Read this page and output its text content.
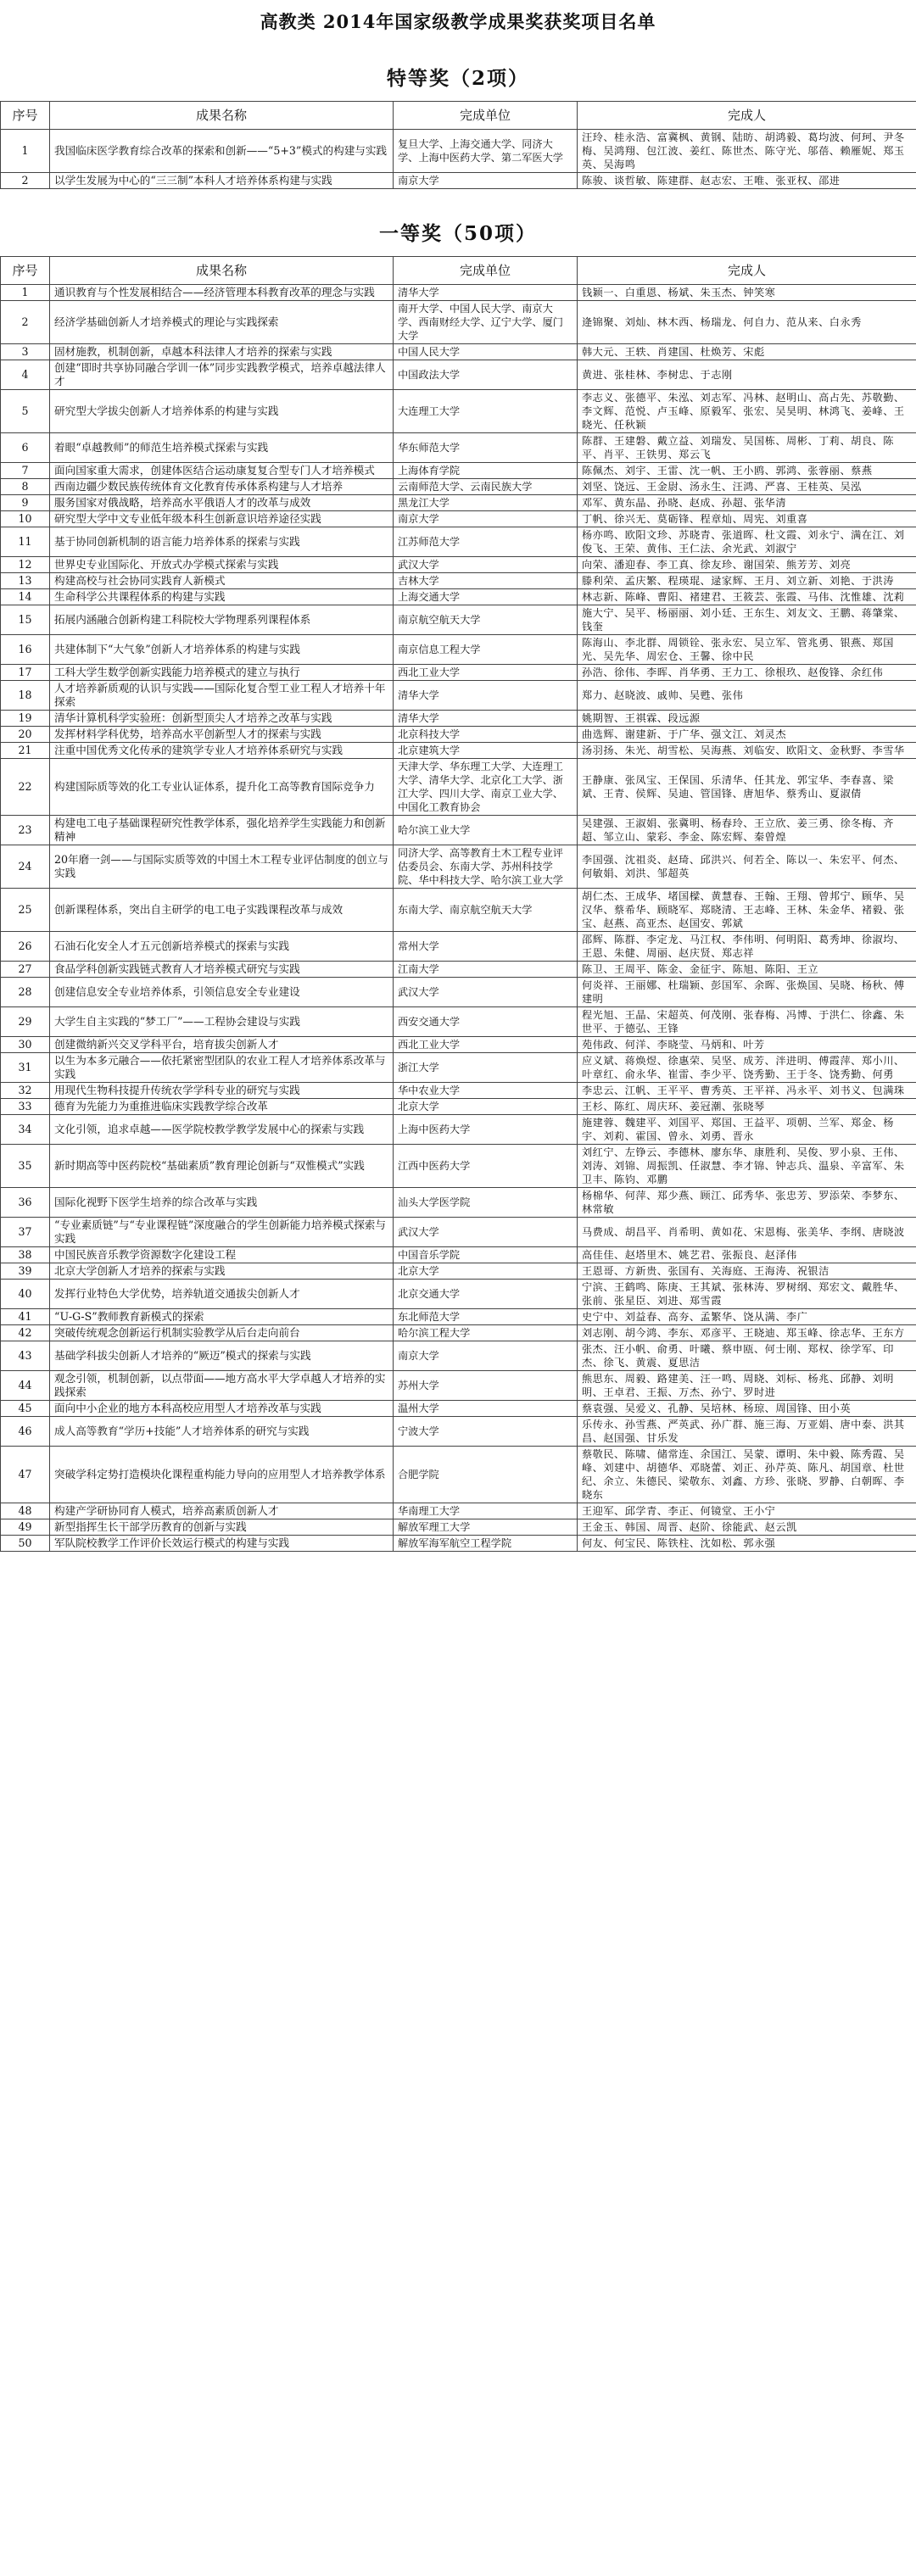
高教类 2014年国家级教学成果奖获奖项目名单
特等奖（2项）
序号	成果名称	完成单位	完成人
1	我国临床医学教育综合改革的探索和创新——“5+3”模式的构建与实践	复旦大学、上海交通大学、同济大学、上海中医药大学、第二军医大学	汪玲、桂永浩、富冀枫、黄钢、陆昉、胡鸿毅、葛均波、何珂、尹冬梅、吴鸿翔、包江波、姜红、陈世杰、陈守光、邬蓓、赖雁妮、郑玉英、吴海鸣
2	以学生发展为中心的“三三制”本科人才培养体系构建与实践	南京大学	陈骏、谈哲敏、陈建群、赵志宏、王唯、张亚权、邵进
一等奖（50项）
序号	成果名称	完成单位	完成人
1	通识教育与个性发展相结合——经济管理本科教育改革的理念与实践	清华大学	钱颖一、白重恩、杨斌、朱玉杰、钟笑寒
2	经济学基础创新人才培养模式的理论与实践探索	南开大学、中国人民大学、南京大学、西南财经大学、辽宁大学、厦门大学	逄锦聚、刘灿、林木西、杨瑞龙、何自力、范从来、白永秀
3	固材施教，机制创新，卓越本科法律人才培养的探索与实践	中国人民大学	韩大元、王轶、肖建国、杜焕芳、宋彪
4	创建“即时共享协同融合学训一体”同步实践教学模式，培养卓越法律人才	中国政法大学	黄进、张桂林、李树忠、于志刚
5	研究型大学拔尖创新人才培养体系的构建与实践	大连理工大学	李志义、张德平、朱泓、刘志军、冯林、赵明山、高占先、苏敬勤、李文辉、范悦、卢玉峰、原毅军、张宏、吴昊明、林鸿飞、姜峰、王晓光、任秋颖
6	着眼“卓越教师”的师范生培养模式探索与实践	华东师范大学	陈群、王建磐、戴立益、刘瑞发、吴国栋、周彬、丁莉、胡良、陈平、肖平、王铁男、郑云飞
7	面向国家重大需求，创建体医结合运动康复复合型专门人才培养模式	上海体育学院	陈佩杰、刘宇、王雷、沈一帆、王小鸥、郭鸿、张蓉丽、蔡燕
8	西南边疆少数民族传统体育文化教育传承体系构建与人才培养	云南师范大学、云南民族大学	刘坚、饶远、王金尉、汤永生、汪鸿、严喜、王桂英、吴泓
9	服务国家对俄战略，培养高水平俄语人才的改革与成效	黑龙江大学	邓军、黄东晶、孙晓、赵成、孙超、张华清
10	研究型大学中文专业低年级本科生创新意识培养途径实践	南京大学	丁帆、徐兴无、莫砺锋、程章灿、周宪、刘重喜
11	基于协同创新机制的语言能力培养体系的探索与实践	江苏师范大学	杨亦鸣、欧阳文珍、苏晓青、张道晖、杜文霞、刘永宁、满在江、刘俊飞、王荣、黄伟、王仁法、余光武、刘淑宁
12	世界史专业国际化、开放式办学模式探索与实践	武汉大学	向荣、潘迎春、李工真、徐友珍、谢国荣、熊芳芳、刘亮
13	构建高校与社会协同实践育人新模式	吉林大学	滕利荣、孟庆繁、程瑛琨、逯家辉、王月、刘立新、刘艳、于洪涛
14	生命科学公共课程体系的构建与实践	上海交通大学	林志新、陈峰、曹阳、褚建君、王筱芸、张霞、马伟、沈惟雄、沈莉
15	拓展内涵融合创新构建工科院校大学物理系列课程体系	南京航空航天大学	施大宁、吴平、杨丽丽、刘小廷、王东生、刘友文、王鹏、蒋肇棠、钱奎
16	共建体制下“大气象”创新人才培养体系的构建与实践	南京信息工程大学	陈海山、李北群、周锁铨、张永宏、吴立军、管兆勇、银燕、郑国光、吴先华、周宏仓、王馨、徐中民
17	工科大学生数学创新实践能力培养模式的建立与执行	西北工业大学	孙浩、徐伟、李晖、肖华勇、王力工、徐根玖、赵俊锋、余红伟
18	人才培养新质观的认识与实践——国际化复合型工业工程人才培养十年探索	清华大学	郑力、赵晓波、戚帅、吴甦、张伟
19	清华计算机科学实验班：创新型顶尖人才培养之改革与实践	清华大学	姚期智、王祺霖、段远源
20	发挥材料学科优势，培养高水平创新型人才的探索与实践	北京科技大学	曲选辉、谢建新、于广华、强文江、刘灵杰
21	注重中国优秀文化传承的建筑学专业人才培养体系研究与实践	北京建筑大学	汤羽扬、朱光、胡雪松、吴海燕、刘临安、欧阳文、金秋野、李雪华
22	构建国际质等效的化工专业认证体系，提升化工高等教育国际竞争力	天津大学、华东理工大学、大连理工大学、清华大学、北京化工大学、浙江大学、四川大学、南京工业大学、中国化工教育协会	王静康、张凤宝、王保国、乐清华、任其龙、郭宝华、李春喜、梁斌、王青、侯辉、吴迪、管国锋、唐旭华、蔡秀山、夏淑倩
23	构建电工电子基础课程研究性教学体系，强化培养学生实践能力和创新精神	哈尔滨工业大学	吴建强、王淑娟、张冀明、杨春玲、王立欣、姜三勇、徐冬梅、齐超、邹立山、蒙彩、李金、陈宏辉、秦曾煌
24	20年磨一剑——与国际实质等效的中国土木工程专业评估制度的创立与实践	同济大学、高等教育土木工程专业评估委员会、东南大学、苏州科技学院、华中科技大学、哈尔滨工业大学	李国强、沈祖炎、赵琦、邱洪兴、何若全、陈以一、朱宏平、何杰、何敏娟、刘洪、邹超英
25	创新课程体系，突出自主研学的电工电子实践课程改革与成效	东南大学、南京航空航天大学	胡仁杰、王成华、堵国樑、黄慧春、王翰、王翔、曾邦宁、顾华、吴汉华、蔡希华、顾晓军、郑晓清、王志峰、王林、朱金华、褚毅、张宝、赵燕、高亚杰、赵国安、郭斌
26	石油石化安全人才五元创新培养模式的探索与实践	常州大学	邵辉、陈群、李定龙、马江权、李伟明、何明阳、葛秀坤、徐淑均、王恩、朱健、周丽、赵庆贤、郑志祥
27	食品学科创新实践链式教育人才培养模式研究与实践	江南大学	陈卫、王周平、陈金、金征宇、陈旭、陈阳、王立
28	创建信息安全专业培养体系，引领信息安全专业建设	武汉大学	何炎祥、王丽娜、杜瑞颖、彭国军、余晖、张焕国、吴晓、杨秋、傅建明
29	大学生自主实践的“梦工厂”——工程协会建设与实践	西安交通大学	程光旭、王晶、宋超英、何茂刚、张春梅、冯博、于洪仁、徐鑫、朱世平、于德弘、王锋
30	创建微纳新兴交叉学科平台，培育拔尖创新人才	西北工业大学	苑伟政、何洋、李晓莹、马炳和、叶芳
31	以生为本多元融合——依托紧密型团队的农业工程人才培养体系改革与实践	浙江大学	应义斌、蒋焕煜、徐惠荣、吴坚、成芳、泮进明、傅霞萍、郑小川、叶章红、俞永华、崔雷、李少平、饶秀勤、王于冬、饶秀勤、何勇
32	用现代生物科技提升传统农学学科专业的研究与实践	华中农业大学	李忠云、江帆、王平平、曹秀英、王平祥、冯永平、刘书义、包满珠
33	德育为先能力为重推进临床实践教学综合改革	北京大学	王杉、陈红、周庆环、姜冠潮、张晓琴
34	文化引领，追求卓越——医学院校教学教学发展中心的探索与实践	上海中医药大学	施建蓉、魏建平、刘国平、郑国、王益平、项朝、兰军、郑金、杨宇、刘莉、霍国、曾永、刘勇、晋永
35	新时期高等中医药院校“基础素质”教育理论创新与“双惟模式”实践	江西中医药大学	刘红宁、左铮云、李德林、廖东华、康胜利、吴俊、罗小泉、王伟、刘涛、刘锦、周振凯、任淑慧、李才锦、钟志兵、温泉、辛富军、朱卫丰、陈钧、邓鹏
36	国际化视野下医学生培养的综合改革与实践	汕头大学医学院	杨棉华、何萍、郑少燕、顾江、邱秀华、张忠芳、罗添荣、李梦东、林常敏
37	“专业素质链”与“专业课程链”深度融合的学生创新能力培养模式探索与实践	武汉大学	马费成、胡昌平、肖希明、黄如花、宋恩梅、张美华、李纲、唐晓波
38	中国民族音乐教学资源数字化建设工程	中国音乐学院	高佳佳、赵塔里木、姚艺君、张振良、赵泽伟
39	北京大学创新人才培养的探索与实践	北京大学	王恩哥、方新贵、张国有、关海庭、王海涛、祝银洁
40	发挥行业特色大学优势，培养轨道交通拔尖创新人才	北京交通大学	宁滨、王鹤鸣、陈庚、王其斌、张林涛、罗树纲、郑宏文、戴胜华、张前、张星臣、刘进、郑雪霞
41	“U-G-S”教师教育新模式的探索	东北师范大学	史宁中、刘益春、高夯、孟繁华、饶从满、李广
42	突破传统观念创新运行机制实验教学从后台走向前台	哈尔滨工程大学	刘志刚、胡今鸿、李东、邓彦平、王晓迪、郑玉峰、徐志华、王东方
43	基础学科拔尖创新人才培养的“厥迈”模式的探索与实践	南京大学	张杰、汪小帆、俞勇、叶曦、蔡申瓯、何士刚、郑权、徐学军、印杰、徐飞、黄震、夏思洁
44	观念引领，机制创新，以点带面——地方高水平大学卓越人才培养的实践探索	苏州大学	熊思东、周毅、路建美、汪一鸣、周晓、刘标、杨兆、邱静、刘明明、王卓君、王振、万杰、孙宁、罗时进
45	面向中小企业的地方本科高校应用型人才培养改革与实践	温州大学	蔡袁强、吴爱义、孔静、吴培林、杨琼、周国锋、田小英
46	成人高等教育“学历+技能”人才培养体系的研究与实践	宁波大学	乐传永、孙雪燕、严英武、孙广群、施三海、万亚娟、唐中泰、洪其昌、赵国强、甘乐发
47	突破学科定势打造模块化课程重构能力导向的应用型人才培养教学体系	合肥学院	蔡敬民、陈啸、储常连、余国江、吴蒙、谭明、朱中毅、陈秀霞、吴峰、刘建中、胡德华、邓晓蕾、刘正、孙芹英、陈凡、胡国章、杜世纪、余立、朱德民、梁敬东、刘鑫、方珍、张晓、罗静、白朝晖、李晓东
48	构建产学研协同育人模式，培养高素质创新人才	华南理工大学	王迎军、邱学青、李正、何镜堂、王小宁
49	新型指挥生长干部学历教育的创新与实践	解放军理工大学	王金玉、韩国、周晋、赵阶、徐能武、赵云凯
50	军队院校教学工作评价长效运行模式的构建与实践	解放军海军航空工程学院	何友、何宝民、陈铁柱、沈如松、郭永强
